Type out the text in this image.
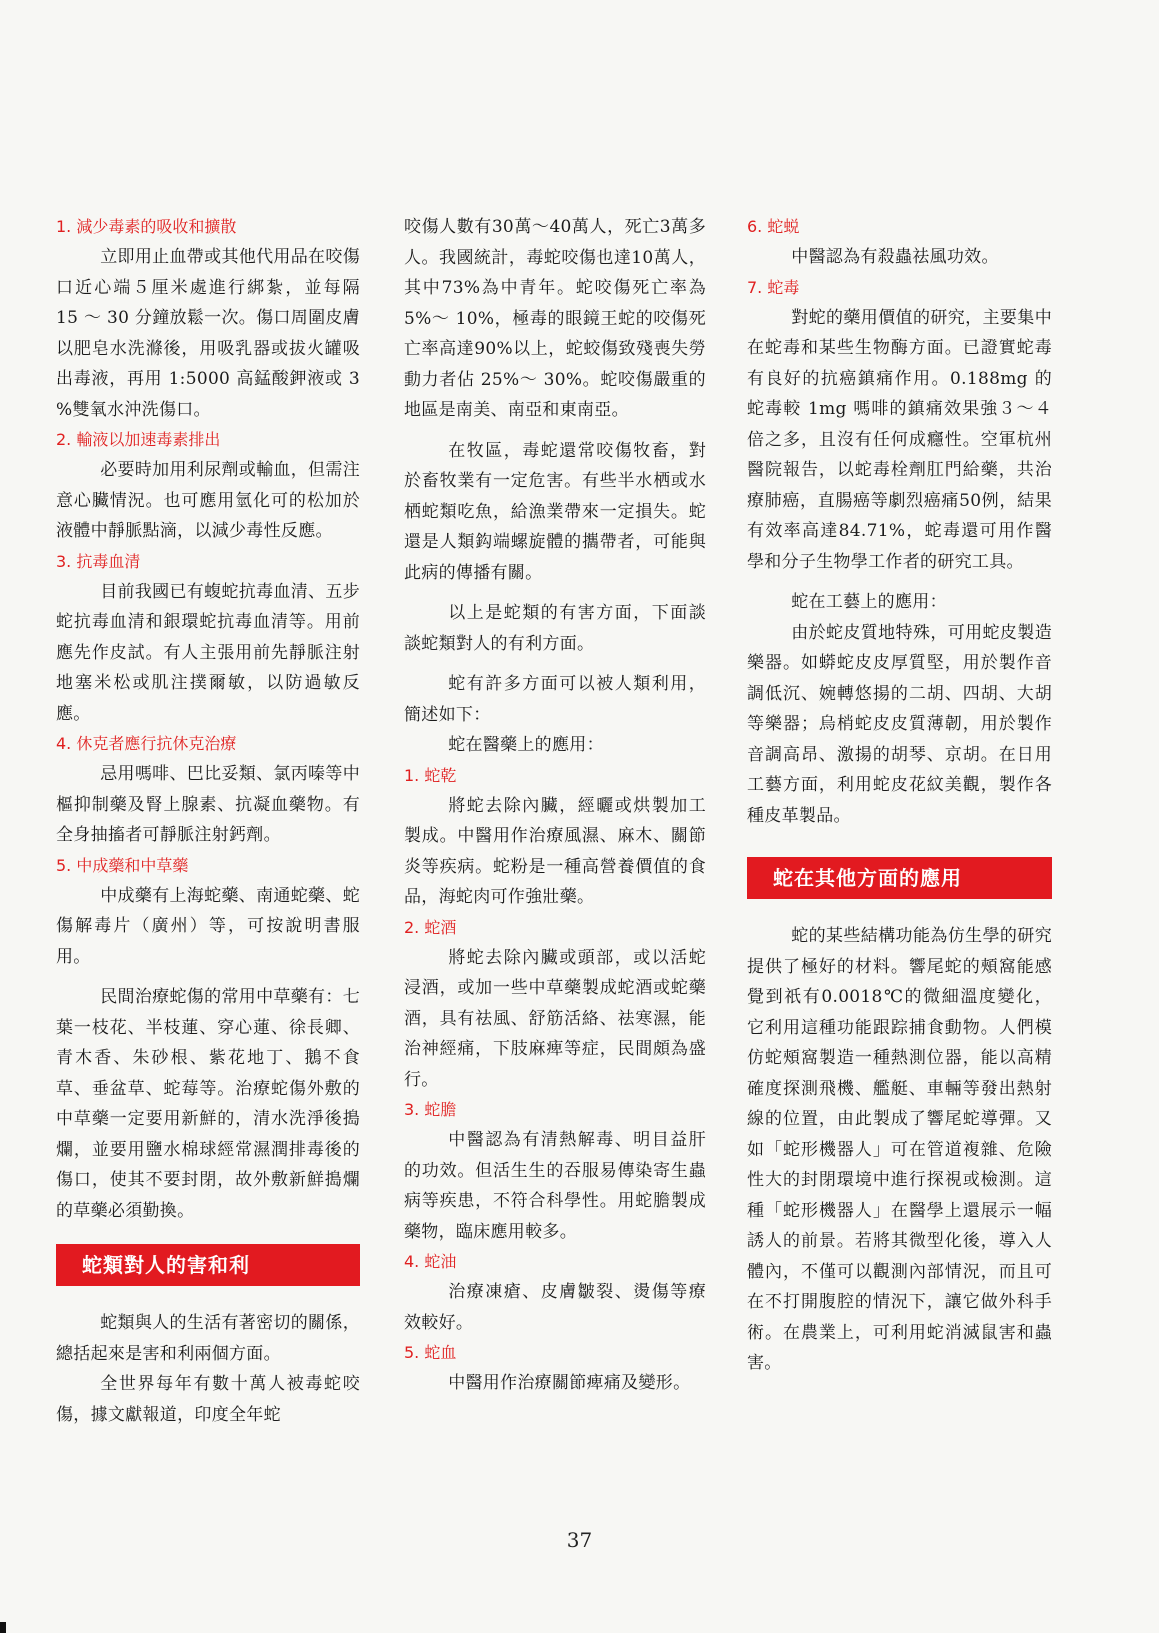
1. 減少毒素的吸收和擴散

立即用止血帶或其他代用品在咬傷口近心端５厘米處進行綁紮，並每隔 15 ～ 30 分鐘放鬆一次。傷口周圍皮膚以肥皂水洗滌後，用吸乳器或拔火罐吸出毒液，再用 1:5000 高錳酸鉀液或 3 %雙氧水沖洗傷口。

2. 輸液以加速毒素排出

必要時加用利尿劑或輸血，但需注意心臟情況。也可應用氫化可的松加於液體中靜脈點滴，以減少毒性反應。

3. 抗毒血清

目前我國已有蝮蛇抗毒血清、五步蛇抗毒血清和銀環蛇抗毒血清等。用前應先作皮試。有人主張用前先靜脈注射地塞米松或肌注撲爾敏，以防過敏反應。

4. 休克者應行抗休克治療

忌用嗎啡、巴比妥類、氯丙嗪等中樞抑制藥及腎上腺素、抗凝血藥物。有全身抽搐者可靜脈注射鈣劑。

5. 中成藥和中草藥

中成藥有上海蛇藥、南通蛇藥、蛇傷解毒片（廣州）等，可按說明書服用。

民間治療蛇傷的常用中草藥有：七葉一枝花、半枝蓮、穿心蓮、徐長卿、青木香、朱砂根、紫花地丁、鵝不食草、垂盆草、蛇莓等。治療蛇傷外敷的中草藥一定要用新鮮的，清水洗淨後搗爛，並要用鹽水棉球經常濕潤排毒後的傷口，使其不要封閉，故外敷新鮮搗爛的草藥必須勤換。

蛇類對人的害和利

蛇類與人的生活有著密切的關係，總括起來是害和利兩個方面。

全世界每年有數十萬人被毒蛇咬傷，據文獻報道，印度全年蛇

咬傷人數有30萬～40萬人，死亡3萬多人。我國統計，毒蛇咬傷也達10萬人，其中73%為中青年。蛇咬傷死亡率為 5%～ 10%，極毒的眼鏡王蛇的咬傷死亡率高達90%以上，蛇蛟傷致殘喪失勞動力者佔 25%～ 30%。蛇咬傷嚴重的地區是南美、南亞和東南亞。

在牧區，毒蛇還常咬傷牧畜，對於畜牧業有一定危害。有些半水栖或水栖蛇類吃魚，給漁業帶來一定損失。蛇還是人類鈎端螺旋體的攜帶者，可能與此病的傳播有關。

以上是蛇類的有害方面，下面談談蛇類對人的有利方面。

蛇有許多方面可以被人類利用，簡述如下：

蛇在醫藥上的應用：

1. 蛇乾

將蛇去除內臟，經曬或烘製加工製成。中醫用作治療風濕、麻木、關節炎等疾病。蛇粉是一種高營養價值的食品，海蛇肉可作強壯藥。

2. 蛇酒

將蛇去除內臟或頭部，或以活蛇浸酒，或加一些中草藥製成蛇酒或蛇藥酒，具有祛風、舒筋活絡、祛寒濕，能治神經痛，下肢麻痺等症，民間頗為盛行。

3. 蛇膽

中醫認為有清熱解毒、明目益肝的功效。但活生生的吞服易傳染寄生蟲病等疾患，不符合科學性。用蛇膽製成藥物，臨床應用較多。

4. 蛇油

治療凍瘡、皮膚皺裂、燙傷等療效較好。

5. 蛇血

中醫用作治療關節痺痛及變形。

6. 蛇蜕

中醫認為有殺蟲祛風功效。

7. 蛇毒

對蛇的藥用價值的研究，主要集中在蛇毒和某些生物酶方面。已證實蛇毒有良好的抗癌鎮痛作用。0.188mg 的蛇毒較 1mg 嗎啡的鎮痛效果強３～４倍之多，且沒有任何成癮性。空軍杭州醫院報告，以蛇毒栓劑肛門給藥，共治療肺癌，直腸癌等劇烈癌痛50例，結果有效率高達84.71%，蛇毒還可用作醫學和分子生物學工作者的研究工具。

蛇在工藝上的應用：

由於蛇皮質地特殊，可用蛇皮製造樂器。如蟒蛇皮皮厚質堅，用於製作音調低沉、婉轉悠揚的二胡、四胡、大胡等樂器；烏梢蛇皮皮質薄韌，用於製作音調高昂、激揚的胡琴、京胡。在日用工藝方面，利用蛇皮花紋美觀，製作各種皮革製品。

蛇在其他方面的應用

蛇的某些結構功能為仿生學的研究提供了極好的材料。響尾蛇的頰窩能感覺到祇有0.0018℃的微細溫度變化，它利用這種功能跟踪捕食動物。人們模仿蛇頰窩製造一種熱測位器，能以高精確度探測飛機、艦艇、車輛等發出熱射線的位置，由此製成了響尾蛇導彈。又如「蛇形機器人」可在管道複雜、危險性大的封閉環境中進行探視或檢測。這種「蛇形機器人」在醫學上還展示一幅誘人的前景。若將其微型化後，導入人體內，不僅可以觀測內部情況，而且可在不打開腹腔的情況下，讓它做外科手術。在農業上，可利用蛇消滅鼠害和蟲害。

37
